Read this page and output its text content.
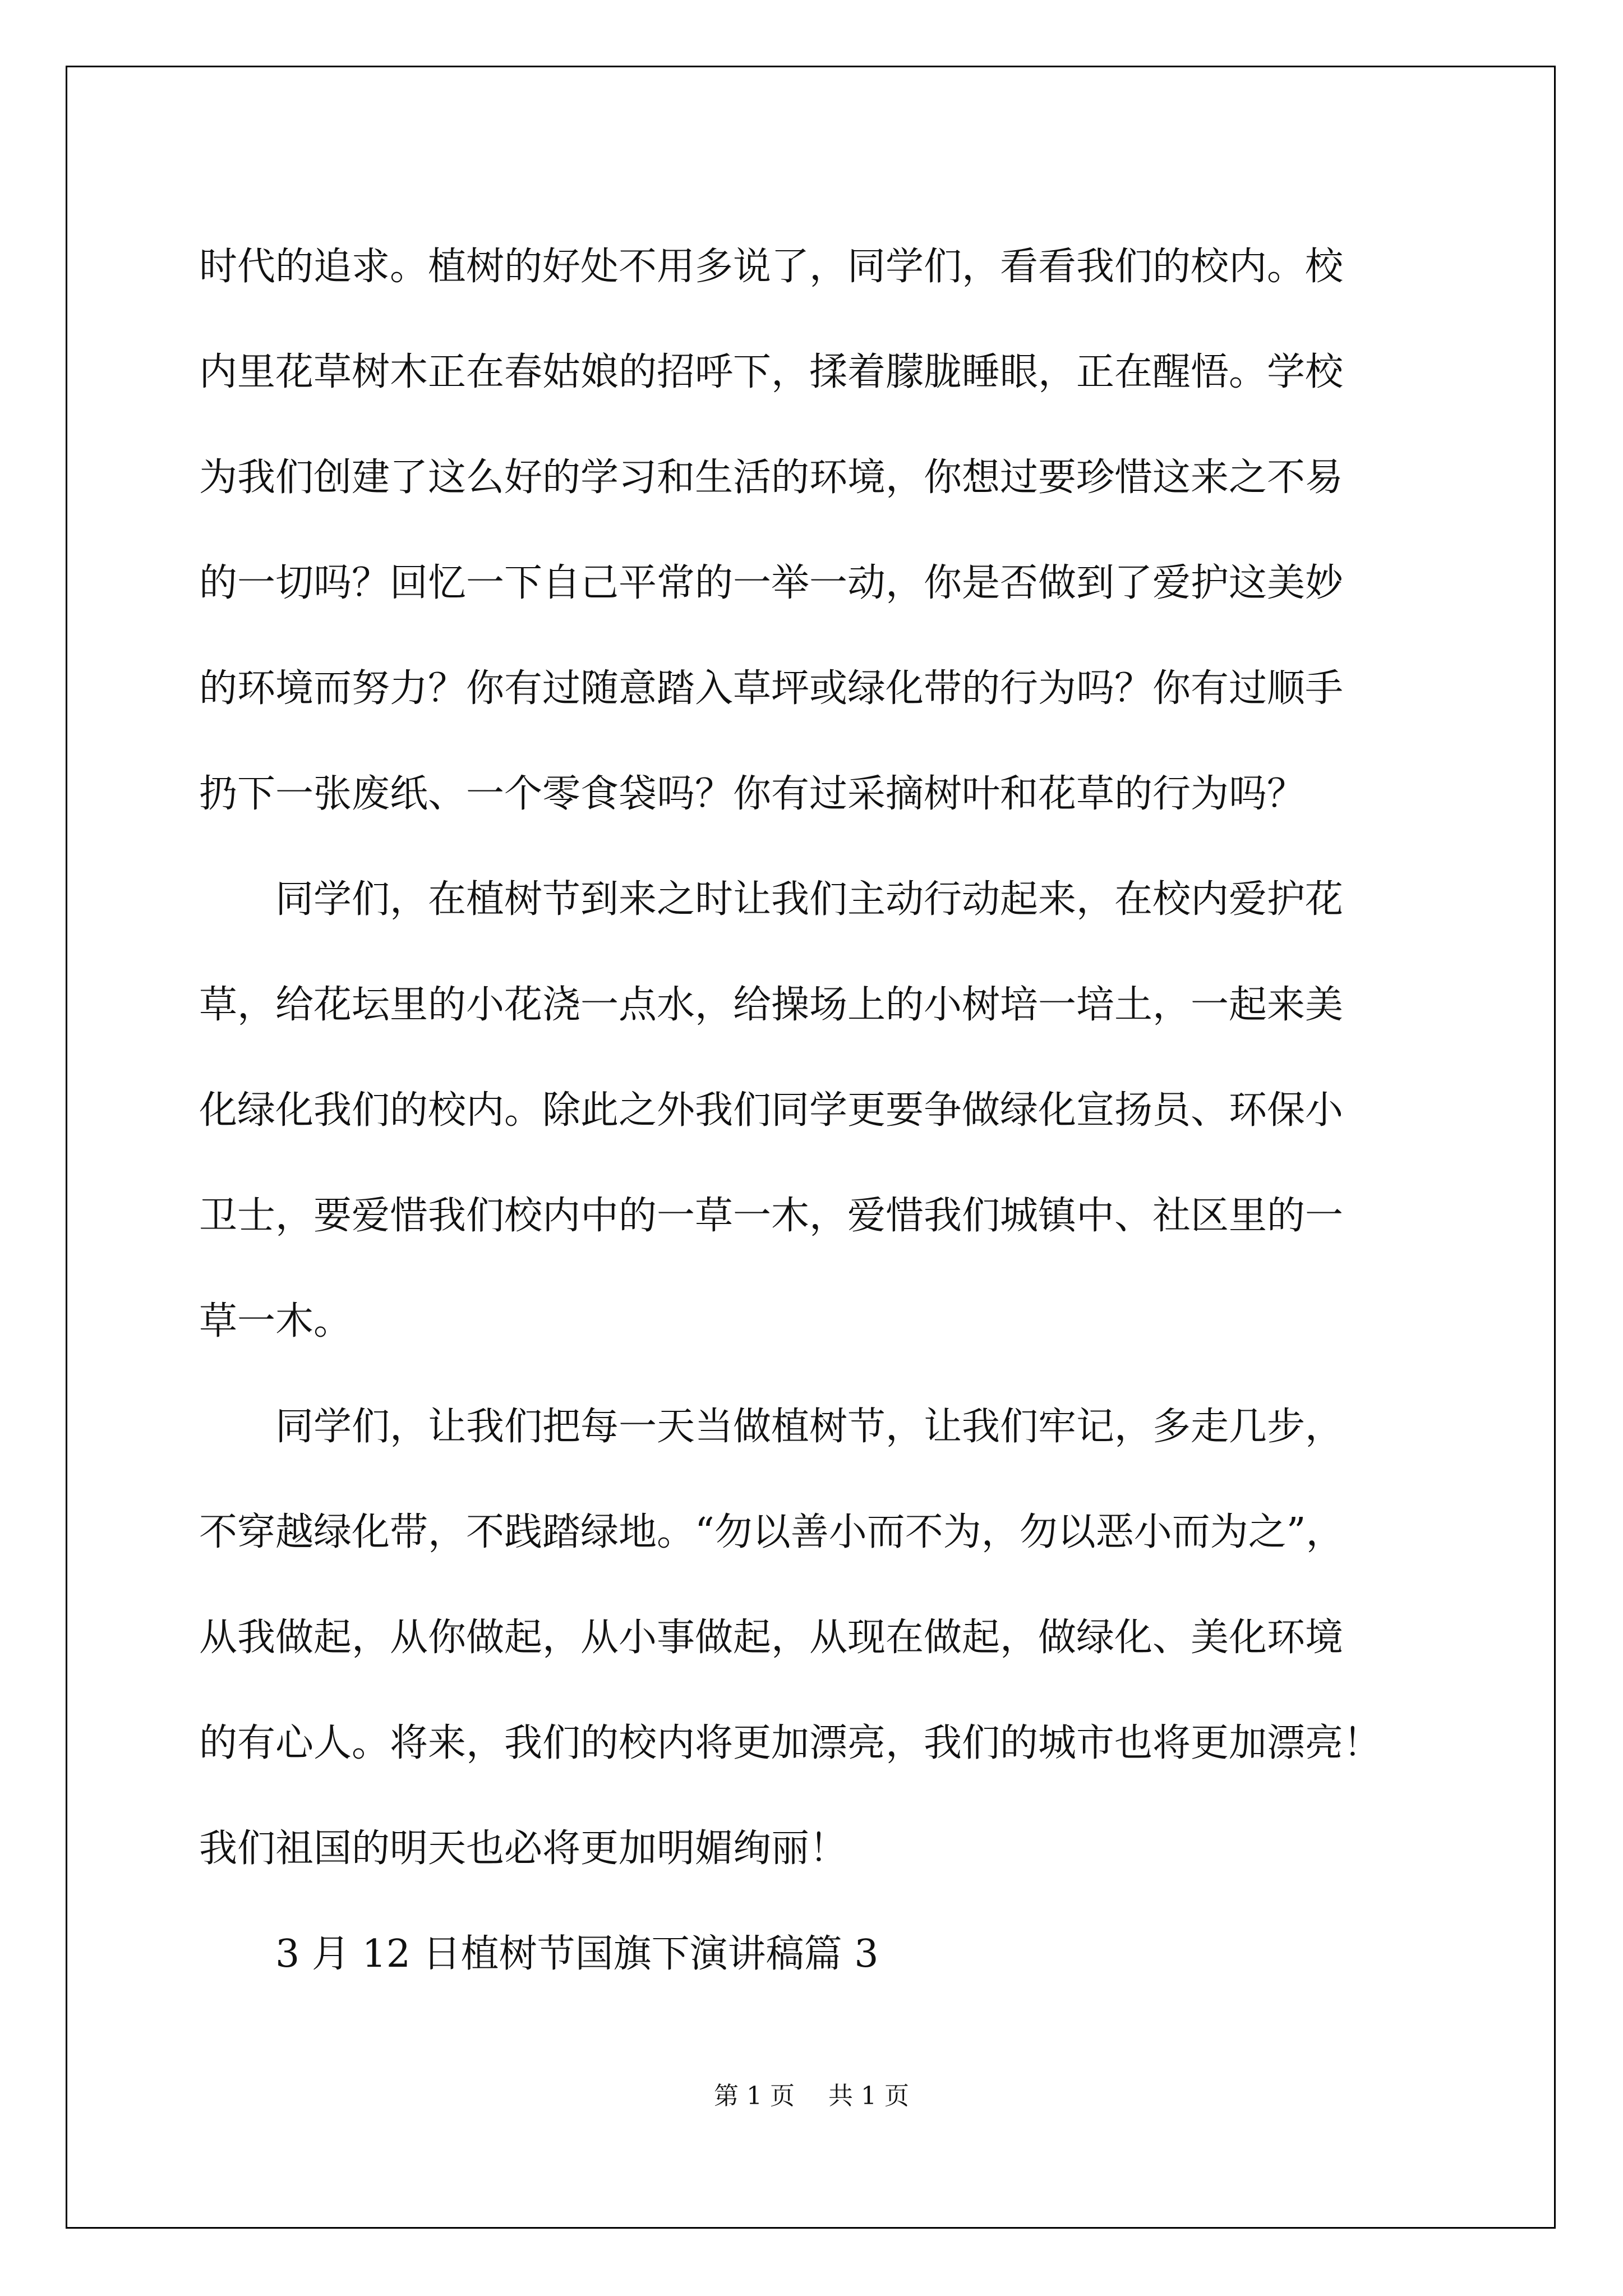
时代的追求。植树的好处不用多说了，同学们，看看我们的校内。校
内里花草树木正在春姑娘的招呼下，揉着朦胧睡眼，正在醒悟。学校
为我们创建了这么好的学习和生活的环境，你想过要珍惜这来之不易
的一切吗？回忆一下自己平常的一举一动，你是否做到了爱护这美妙
的环境而努力？你有过随意踏入草坪或绿化带的行为吗？你有过顺手
扔下一张废纸、一个零食袋吗？你有过采摘树叶和花草的行为吗？

同学们，在植树节到来之时让我们主动行动起来，在校内爱护花
草，给花坛里的小花浇一点水，给操场上的小树培一培土，一起来美
化绿化我们的校内。除此之外我们同学更要争做绿化宣扬员、环保小
卫士，要爱惜我们校内中的一草一木，爱惜我们城镇中、社区里的一
草一木。

同学们，让我们把每一天当做植树节，让我们牢记，多走几步，
不穿越绿化带，不践踏绿地。“勿以善小而不为，勿以恶小而为之”，
从我做起，从你做起，从小事做起，从现在做起，做绿化、美化环境
的有心人。将来，我们的校内将更加漂亮，我们的城市也将更加漂亮！
我们祖国的明天也必将更加明媚绚丽！

3 月 12 日植树节国旗下演讲稿篇 3

第 1 页 共 1 页
